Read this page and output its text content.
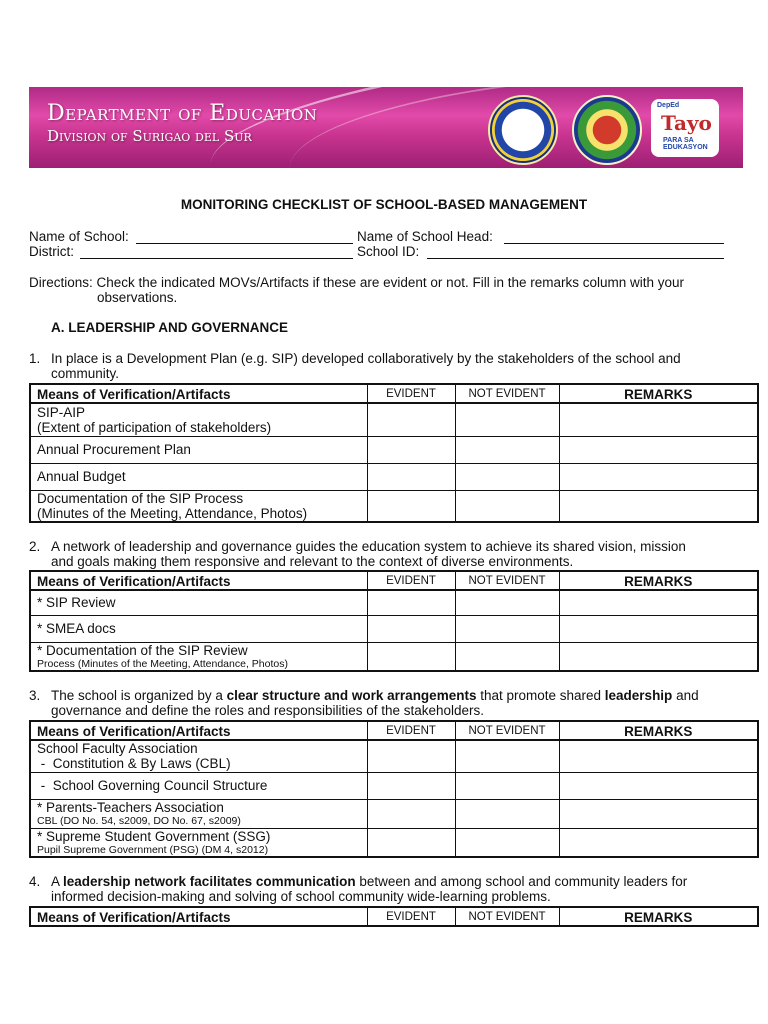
Department of Education
Division of Surigao del Sur
DepEd
Tayo
PARA SA EDUKASYON
MONITORING CHECKLIST OF SCHOOL-BASED MANAGEMENT
Name of School:	Name of School Head:
District:	School ID:
Directions: Check the indicated MOVs/Artifacts if these are evident or not. Fill in the remarks column with your
observations.
A. LEADERSHIP AND GOVERNANCE
1. In place is a Development Plan (e.g. SIP) developed collaboratively by the stakeholders of the school and
community.
Means of Verification/Artifacts	EVIDENT	NOT EVIDENT	REMARKS
SIP-AIP
(Extent of participation of stakeholders)			
Annual Procurement Plan			
Annual Budget			
Documentation of the SIP Process
(Minutes of the Meeting, Attendance, Photos)			
2. A network of leadership and governance guides the education system to achieve its shared vision, mission
and goals making them responsive and relevant to the context of diverse environments.
Means of Verification/Artifacts	EVIDENT	NOT EVIDENT	REMARKS
* SIP Review			
* SMEA docs			
* Documentation of the SIP Review
Process (Minutes of the Meeting, Attendance, Photos)			

3. The school is organized by a clear structure and work arrangements that promote shared leadership and
governance and define the roles and responsibilities of the stakeholders.
Means of Verification/Artifacts	EVIDENT	NOT EVIDENT	REMARKS
School Faculty Association
-  Constitution & By Laws (CBL)			
-  School Governing Council Structure			
* Parents-Teachers Association
CBL (DO No. 54, s2009, DO No. 67, s2009)			

* Supreme Student Government (SSG)
Pupil Supreme Government (PSG) (DM 4, s2012)			

4. A leadership network facilitates communication between and among school and community leaders for
informed decision-making and solving of school community wide-learning problems.
Means of Verification/Artifacts	EVIDENT	NOT EVIDENT	REMARKS
